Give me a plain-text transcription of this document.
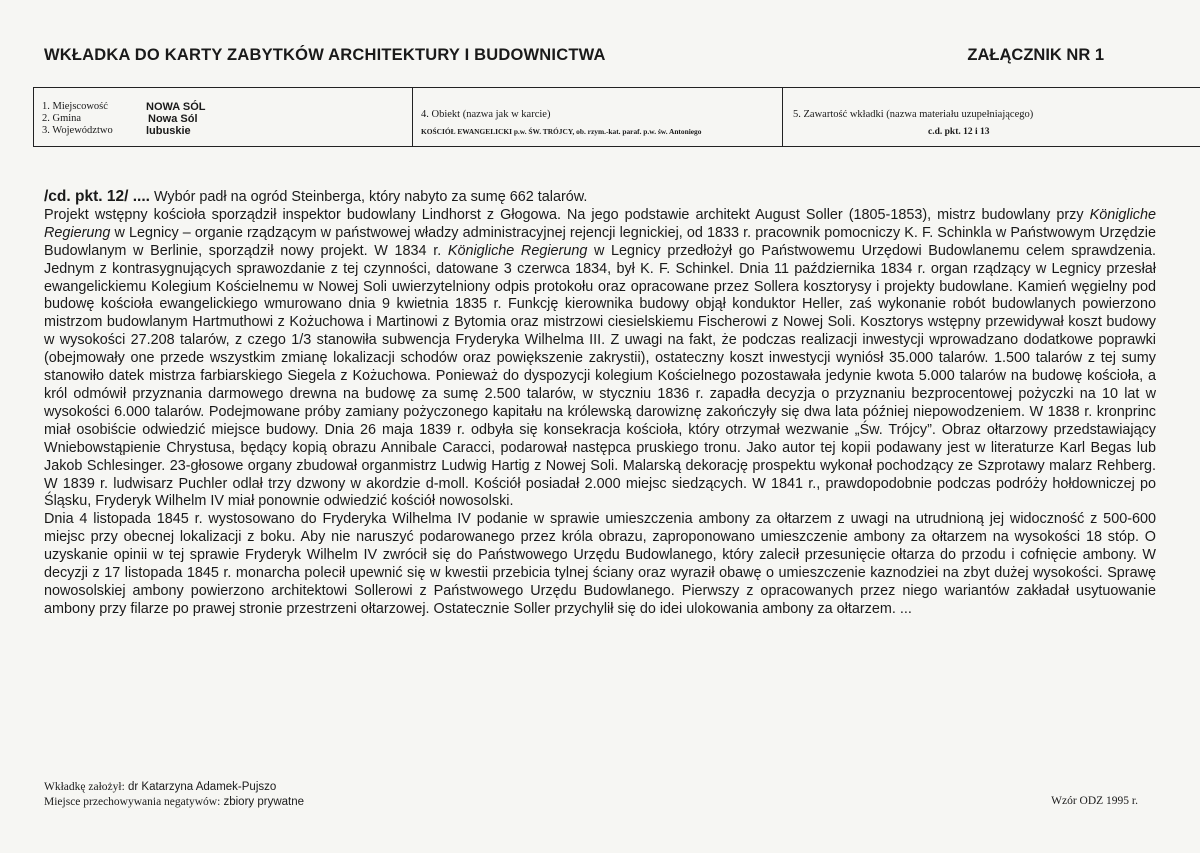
WKŁADKA DO KARTY ZABYTKÓW ARCHITEKTURY I BUDOWNICTWA	ZAŁĄCZNIK NR 1
1. Miejscowość	NOWA SÓL
2. Gmina	Nowa Sól
3. Województwo	lubuskie
4. Obiekt (nazwa jak w karcie)
KOŚCIÓŁ EWANGELICKI p.w. ŚW. TRÓJCY, ob. rzym.-kat. paraf. p.w. św. Antoniego
5. Zawartość wkładki (nazwa materiału uzupełniającego)
c.d. pkt. 12 i 13

/cd. pkt. 12/ .... Wybór padł na ogród Steinberga, który nabyto za sumę 662 talarów.

Projekt wstępny kościoła sporządził inspektor budowlany Lindhorst z Głogowa. Na jego podstawie architekt August Soller (1805-1853), mistrz budowlany przy Königliche Regierung w Legnicy – organie rządzącym w państwowej władzy administracyjnej rejencji legnickiej, od 1833 r. pracownik pomocniczy K. F. Schinkla w Państwowym Urzędzie Budowlanym w Berlinie, sporządził nowy projekt. W 1834 r. Königliche Regierung w Legnicy przedłożył go Państwowemu Urzędowi Budowlanemu celem sprawdzenia. Jednym z kontrasygnujących sprawozdanie z tej czynności, datowane 3 czerwca 1834, był K. F. Schinkel. Dnia 11 października 1834 r. organ rządzący w Legnicy przesłał ewangelickiemu Kolegium Kościelnemu w Nowej Soli uwierzytelniony odpis protokołu oraz opracowane przez Sollera kosztorysy i projekty budowlane. Kamień węgielny pod budowę kościoła ewangelickiego wmurowano dnia 9 kwietnia 1835 r. Funkcję kierownika budowy objął konduktor Heller, zaś wykonanie robót budowlanych powierzono mistrzom budowlanym Hartmuthowi z Kożuchowa i Martinowi z Bytomia oraz mistrzowi ciesielskiemu Fischerowi z Nowej Soli. Kosztorys wstępny przewidywał koszt budowy w wysokości 27.208 talarów, z czego 1/3 stanowiła subwencja Fryderyka Wilhelma III. Z uwagi na fakt, że podczas realizacji inwestycji wprowadzano dodatkowe poprawki (obejmowały one przede wszystkim zmianę lokalizacji schodów oraz powiększenie zakrystii), ostateczny koszt inwestycji wyniósł 35.000 talarów. 1.500 talarów z tej sumy stanowiło datek mistrza farbiarskiego Siegela z Kożuchowa. Ponieważ do dyspozycji kolegium Kościelnego pozostawała jedynie kwota 5.000 talarów na budowę kościoła, a król odmówił przyznania darmowego drewna na budowę za sumę 2.500 talarów, w styczniu 1836 r. zapadła decyzja o przyznaniu bezprocentowej pożyczki na 10 lat w wysokości 6.000 talarów. Podejmowane próby zamiany pożyczonego kapitału na królewską darowiznę zakończyły się dwa lata później niepowodzeniem. W 1838 r. kronprinc miał osobiście odwiedzić miejsce budowy. Dnia 26 maja 1839 r. odbyła się konsekracja kościoła, który otrzymał wezwanie „Św. Trójcy”. Obraz ołtarzowy przedstawiający Wniebowstąpienie Chrystusa, będący kopią obrazu Annibale Caracci, podarował następca pruskiego tronu. Jako autor tej kopii podawany jest w literaturze Karl Begas lub Jakob Schlesinger. 23-głosowe organy zbudował organmistrz Ludwig Hartig z Nowej Soli. Malarską dekorację prospektu wykonał pochodzący ze Szprotawy malarz Rehberg. W 1839 r. ludwisarz Puchler odlał trzy dzwony w akordzie d-moll. Kościół posiadał 2.000 miejsc siedzących. W 1841 r., prawdopodobnie podczas podróży hołdowniczej po Śląsku, Fryderyk Wilhelm IV miał ponownie odwiedzić kościół nowosolski.

Dnia 4 listopada 1845 r. wystosowano do Fryderyka Wilhelma IV podanie w sprawie umieszczenia ambony za ołtarzem z uwagi na utrudnioną jej widoczność z 500-600 miejsc przy obecnej lokalizacji z boku. Aby nie naruszyć podarowanego przez króla obrazu, zaproponowano umieszczenie ambony za ołtarzem na wysokości 18 stóp. O uzyskanie opinii w tej sprawie Fryderyk Wilhelm IV zwrócił się do Państwowego Urzędu Budowlanego, który zalecił przesunięcie ołtarza do przodu i cofnięcie ambony. W decyzji z 17 listopada 1845 r. monarcha polecił upewnić się w kwestii przebicia tylnej ściany oraz wyraził obawę o umieszczenie kaznodziei na zbyt dużej wysokości. Sprawę nowosolskiej ambony powierzono architektowi Sollerowi z Państwowego Urzędu Budowlanego. Pierwszy z opracowanych przez niego wariantów zakładał usytuowanie ambony przy filarze po prawej stronie przestrzeni ołtarzowej. Ostatecznie Soller przychylił się do idei ulokowania ambony za ołtarzem. ...

Wkładkę założył: dr Katarzyna Adamek-Pujszo
Miejsce przechowywania negatywów: zbiory prywatne	Wzór ODZ 1995 r.
